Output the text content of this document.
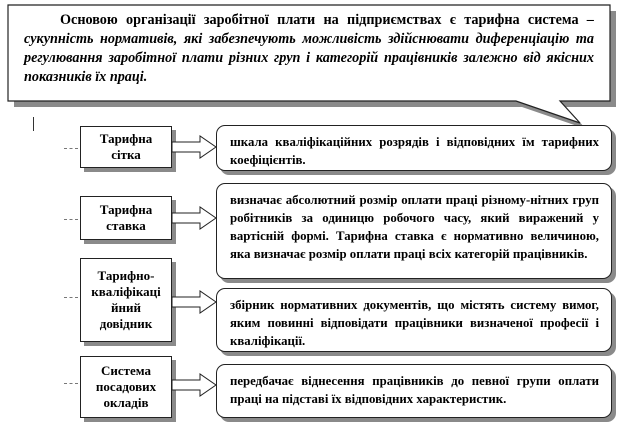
Основою організації заробітної плати на підприємствах є тарифна система – сукупність нормативів, які забезпечують можливість здійснювати диференціацію та регулювання заробітної плати різних груп і категорій працівників залежно від якісних показників їх праці.
Тарифна
сітка
шкала кваліфікаційних розрядів і відповідних їм тарифних коефіцієнтів.
Тарифна
ставка
визначає абсолютний розмір оплати праці різному-нітних груп робітників за одиницю робочого часу, який виражений у вартісній формі. Тарифна ставка є нормативно величиною, яка визначає розмір оплати праці всіх категорій працівників.
Тарифно-
кваліфікаці
йний
довідник
збірник нормативних документів, що містять систему вимог, яким повинні відповідати працівники визначеної професії і кваліфікації.
Система
посадових
окладів
передбачає віднесення працівників до певної групи оплати праці на підставі їх відповідних характеристик.
